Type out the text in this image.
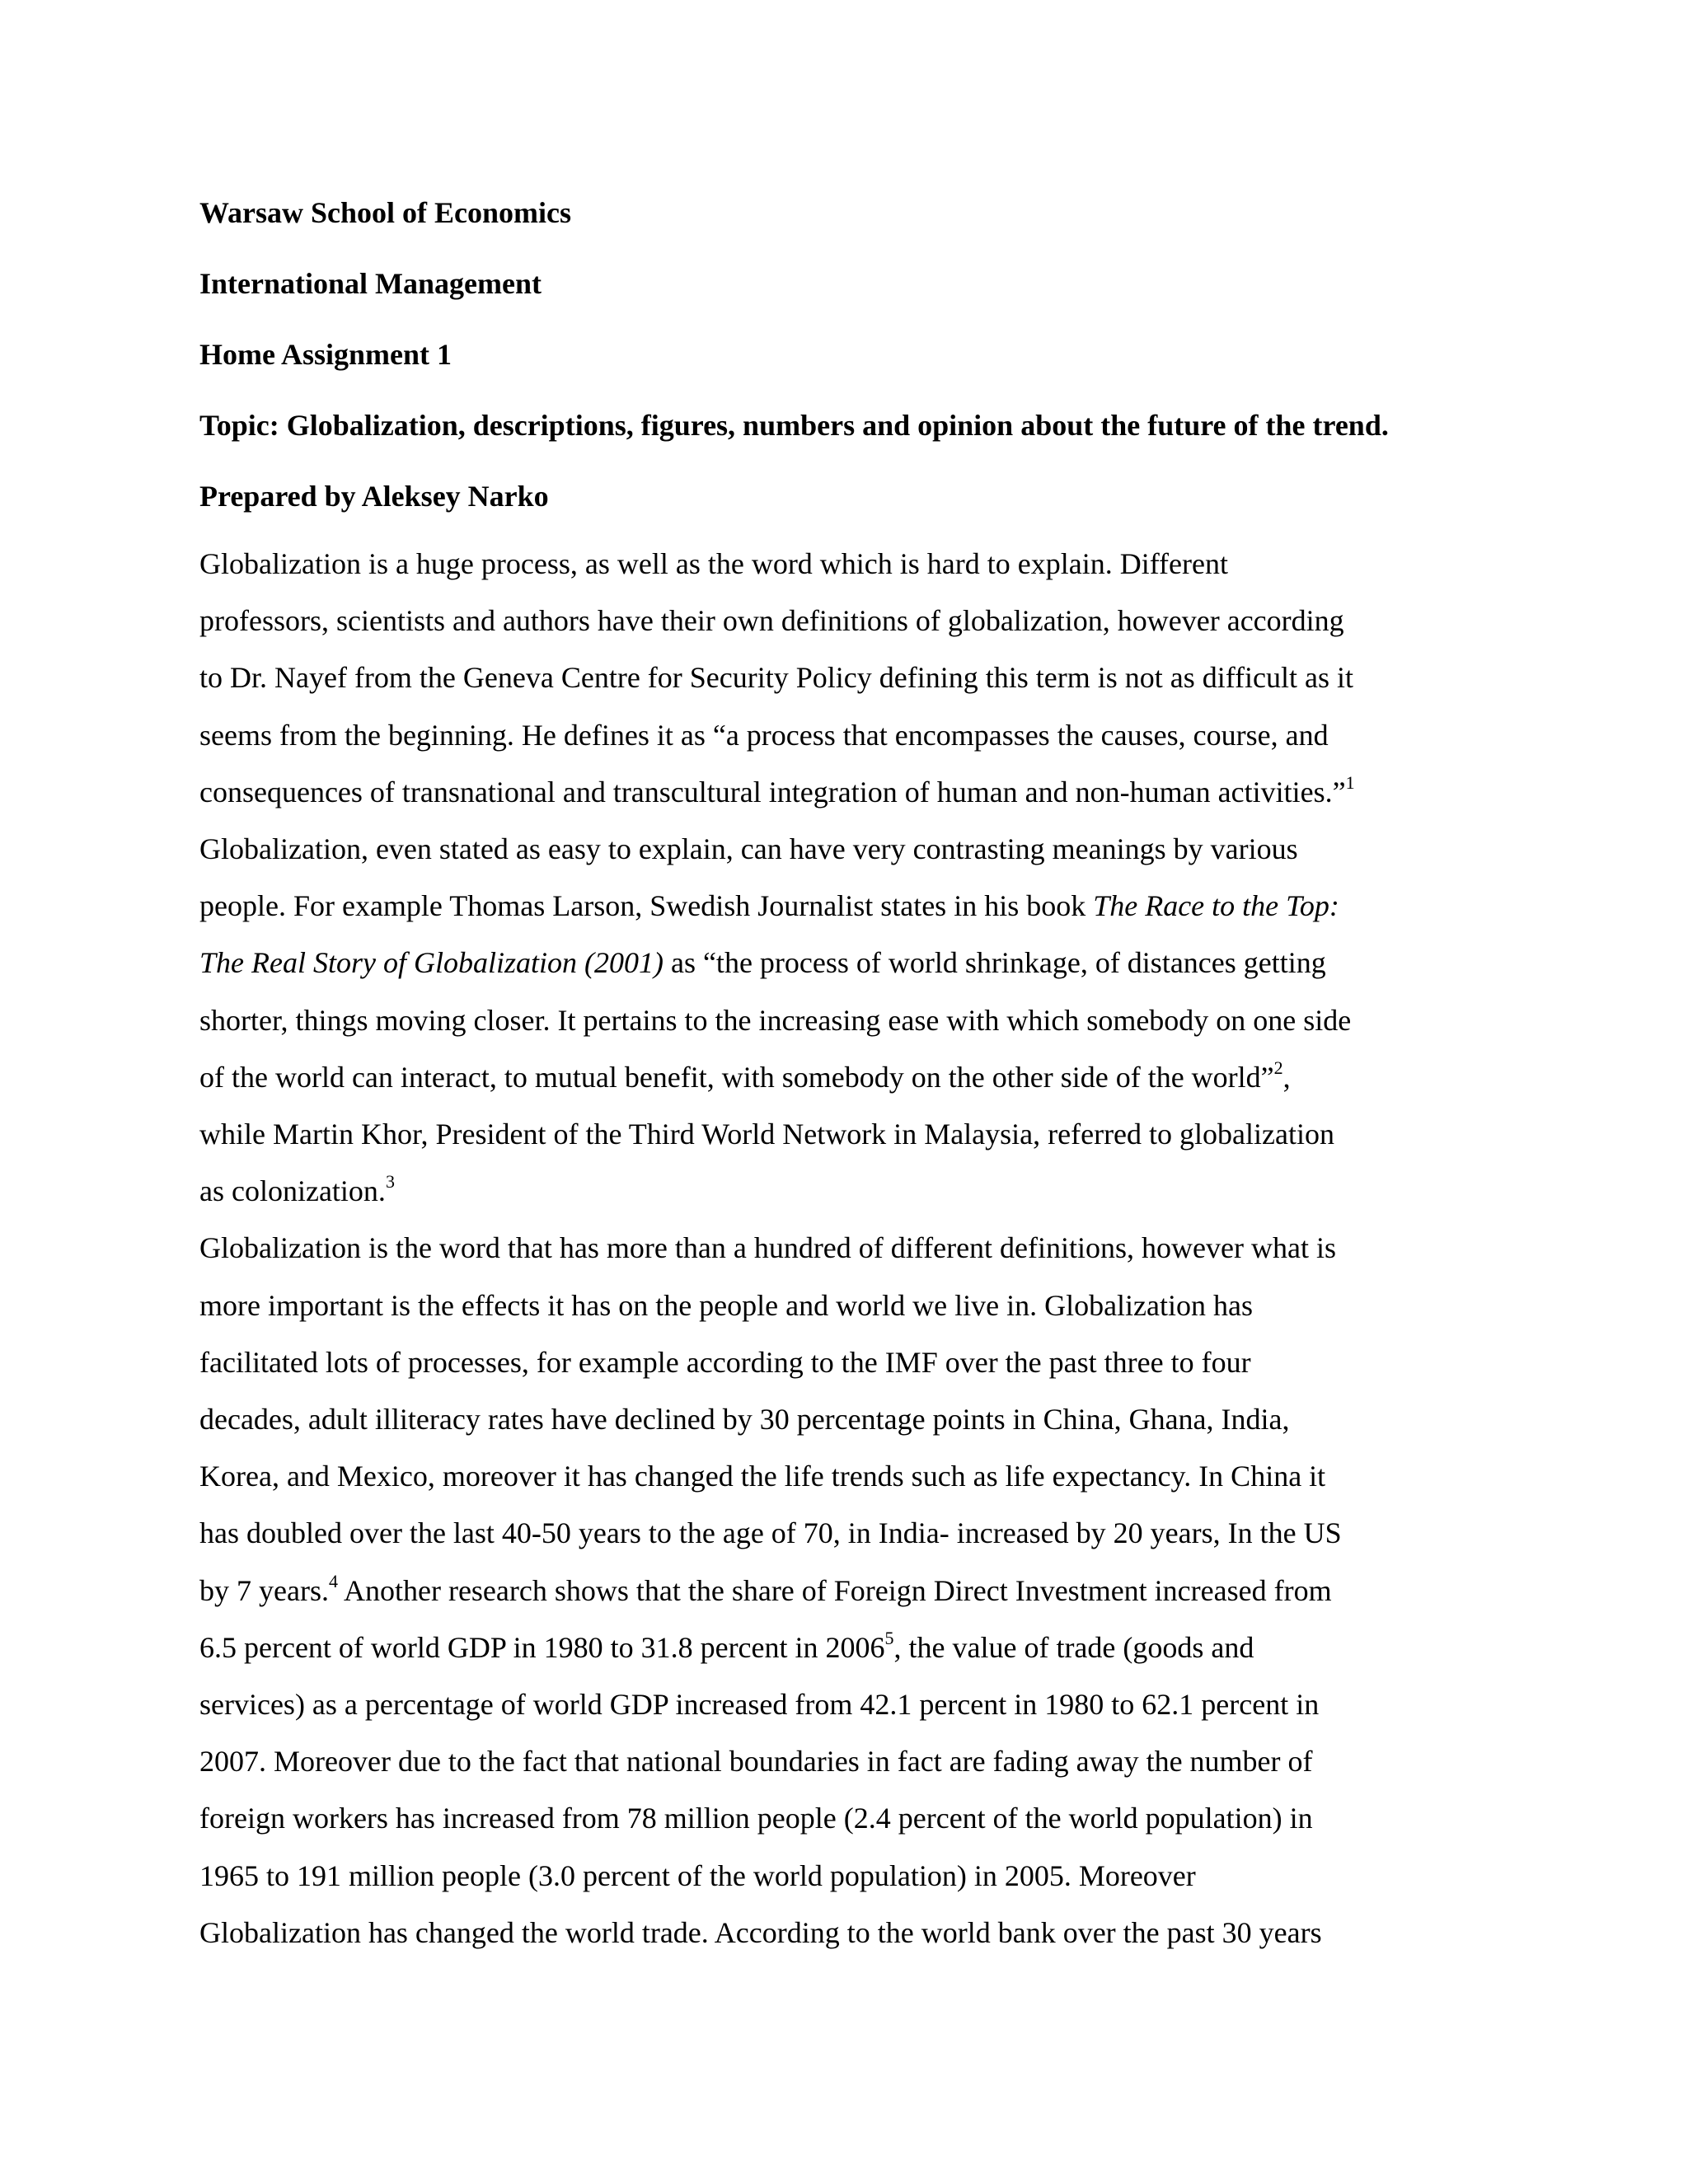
Warsaw School of Economics
International Management
Home Assignment 1
Topic: Globalization, descriptions, figures, numbers and opinion about the future of the trend.
Prepared by Aleksey Narko

Globalization is a huge process, as well as the word which is hard to explain. Different
professors, scientists and authors have their own definitions of globalization, however according
to Dr. Nayef from the Geneva Centre for Security Policy defining this term is not as difficult as it
seems from the beginning. He defines it as “a process that encompasses the causes, course, and
consequences of transnational and transcultural integration of human and non-human activities.”$^1$
Globalization, even stated as easy to explain, can have very contrasting meanings by various
people. For example Thomas Larson, Swedish Journalist states in his book The Race to the Top:
The Real Story of Globalization (2001) as “the process of world shrinkage, of distances getting
shorter, things moving closer. It pertains to the increasing ease with which somebody on one side
of the world can interact, to mutual benefit, with somebody on the other side of the world”$^2$,
while Martin Khor, President of the Third World Network in Malaysia, referred to globalization
as colonization.$^3$

Globalization is the word that has more than a hundred of different definitions, however what is
more important is the effects it has on the people and world we live in. Globalization has
facilitated lots of processes, for example according to the IMF over the past three to four
decades, adult illiteracy rates have declined by 30 percentage points in China, Ghana, India,
Korea, and Mexico, moreover it has changed the life trends such as life expectancy. In China it
has doubled over the last 40-50 years to the age of 70, in India- increased by 20 years, In the US
by 7 years.$^4$ Another research shows that the share of Foreign Direct Investment increased from
6.5 percent of world GDP in 1980 to 31.8 percent in 2006$^5$, the value of trade (goods and
services) as a percentage of world GDP increased from 42.1 percent in 1980 to 62.1 percent in
2007. Moreover due to the fact that national boundaries in fact are fading away the number of
foreign workers has increased from 78 million people (2.4 percent of the world population) in
1965 to 191 million people (3.0 percent of the world population) in 2005. Moreover
Globalization has changed the world trade. According to the world bank over the past 30 years
